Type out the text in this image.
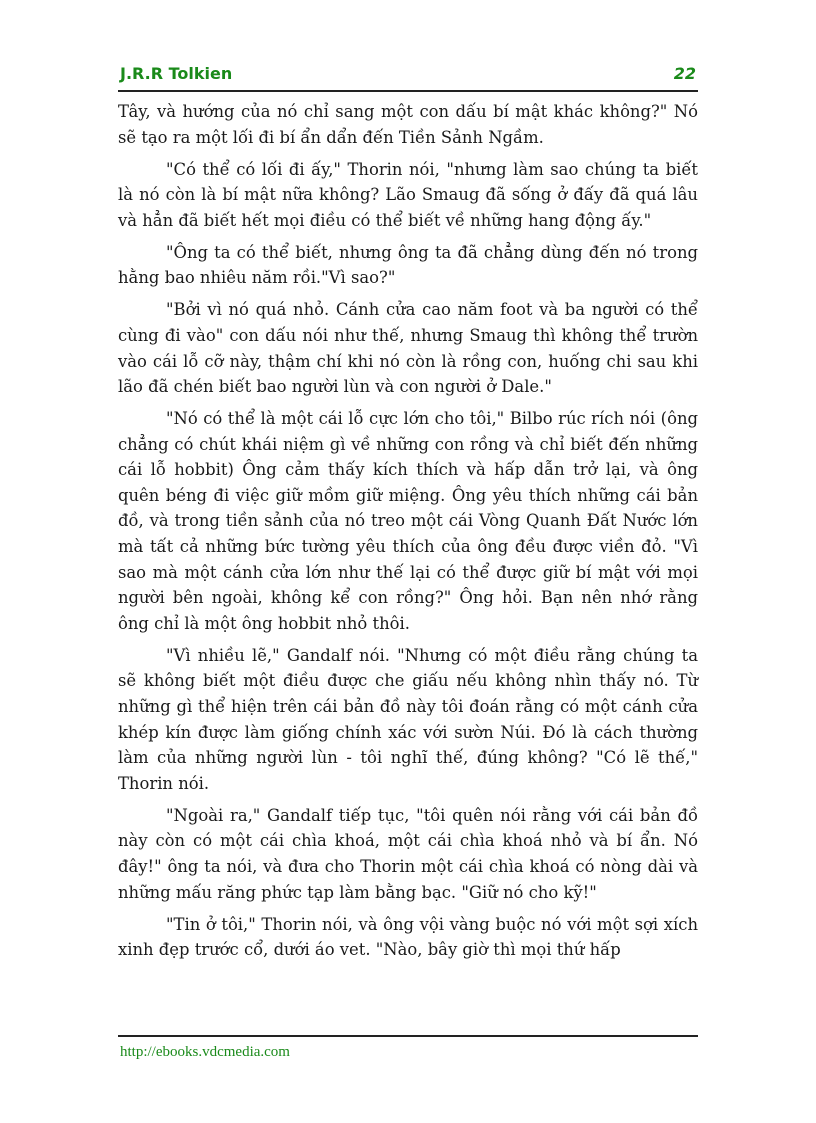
J.R.R Tolkien	22

Tây, và hướng của nó chỉ sang một con dấu bí mật khác không?" Nó sẽ tạo ra một lối đi bí ẩn dẩn đến Tiền Sảnh Ngầm.

"Có thể có lối đi ấy," Thorin nói, "nhưng làm sao chúng ta biết là nó còn là bí mật nữa không? Lão Smaug đã sống ở đấy đã quá lâu và hẳn đã biết hết mọi điều có thể biết về những hang động ấy."

"Ông ta có thể biết, nhưng ông ta đã chẳng dùng đến nó trong hằng bao nhiêu năm rồi."Vì sao?"

"Bởi vì nó quá nhỏ. Cánh cửa cao năm foot và ba người có thể cùng đi vào" con dấu nói như thế, nhưng Smaug thì không thể trườn vào cái lỗ cỡ này, thậm chí khi nó còn là rồng con, huống chi sau khi lão đã chén biết bao người lùn và con người ở Dale."

"Nó có thể là một cái lỗ cực lớn cho tôi," Bilbo rúc rích nói (ông chẳng có chút khái niệm gì về những con rồng và chỉ biết đến những cái lỗ hobbit) Ông cảm thấy kích thích và hấp dẫn trở lại, và ông quên béng đi việc giữ mồm giữ miệng. Ông yêu thích những cái bản đồ, và trong tiền sảnh của nó treo một cái Vòng Quanh Đất Nước lớn mà tất cả những bức tường yêu thích của ông đều được viền đỏ. "Vì sao mà một cánh cửa lớn như thế lại có thể được giữ bí mật với mọi người bên ngoài, không kể con rồng?" Ông hỏi. Bạn nên nhớ rằng ông chỉ là một ông hobbit nhỏ thôi.

"Vì nhiều lẽ," Gandalf nói. "Nhưng có một điều rằng chúng ta sẽ không biết một điều được che giấu nếu không nhìn thấy nó. Từ những gì thể hiện trên cái bản đồ này tôi đoán rằng có một cánh cửa khép kín được làm giống chính xác với sườn Núi. Đó là cách thường làm của những người lùn - tôi nghĩ thế, đúng không? "Có lẽ thế," Thorin nói.

"Ngoài ra," Gandalf tiếp tục, "tôi quên nói rằng với cái bản đồ này còn có một cái chìa khoá, một cái chìa khoá nhỏ và bí ẩn. Nó đây!" ông ta nói, và đưa cho Thorin một cái chìa khoá có nòng dài và những mấu răng phức tạp làm bằng bạc. "Giữ nó cho kỹ!"

"Tin ở tôi," Thorin nói, và ông vội vàng buộc nó với một sợi xích xinh đẹp trước cổ, dưới áo vet. "Nào, bây giờ thì mọi thứ hấp

http://ebooks.vdcmedia.com
